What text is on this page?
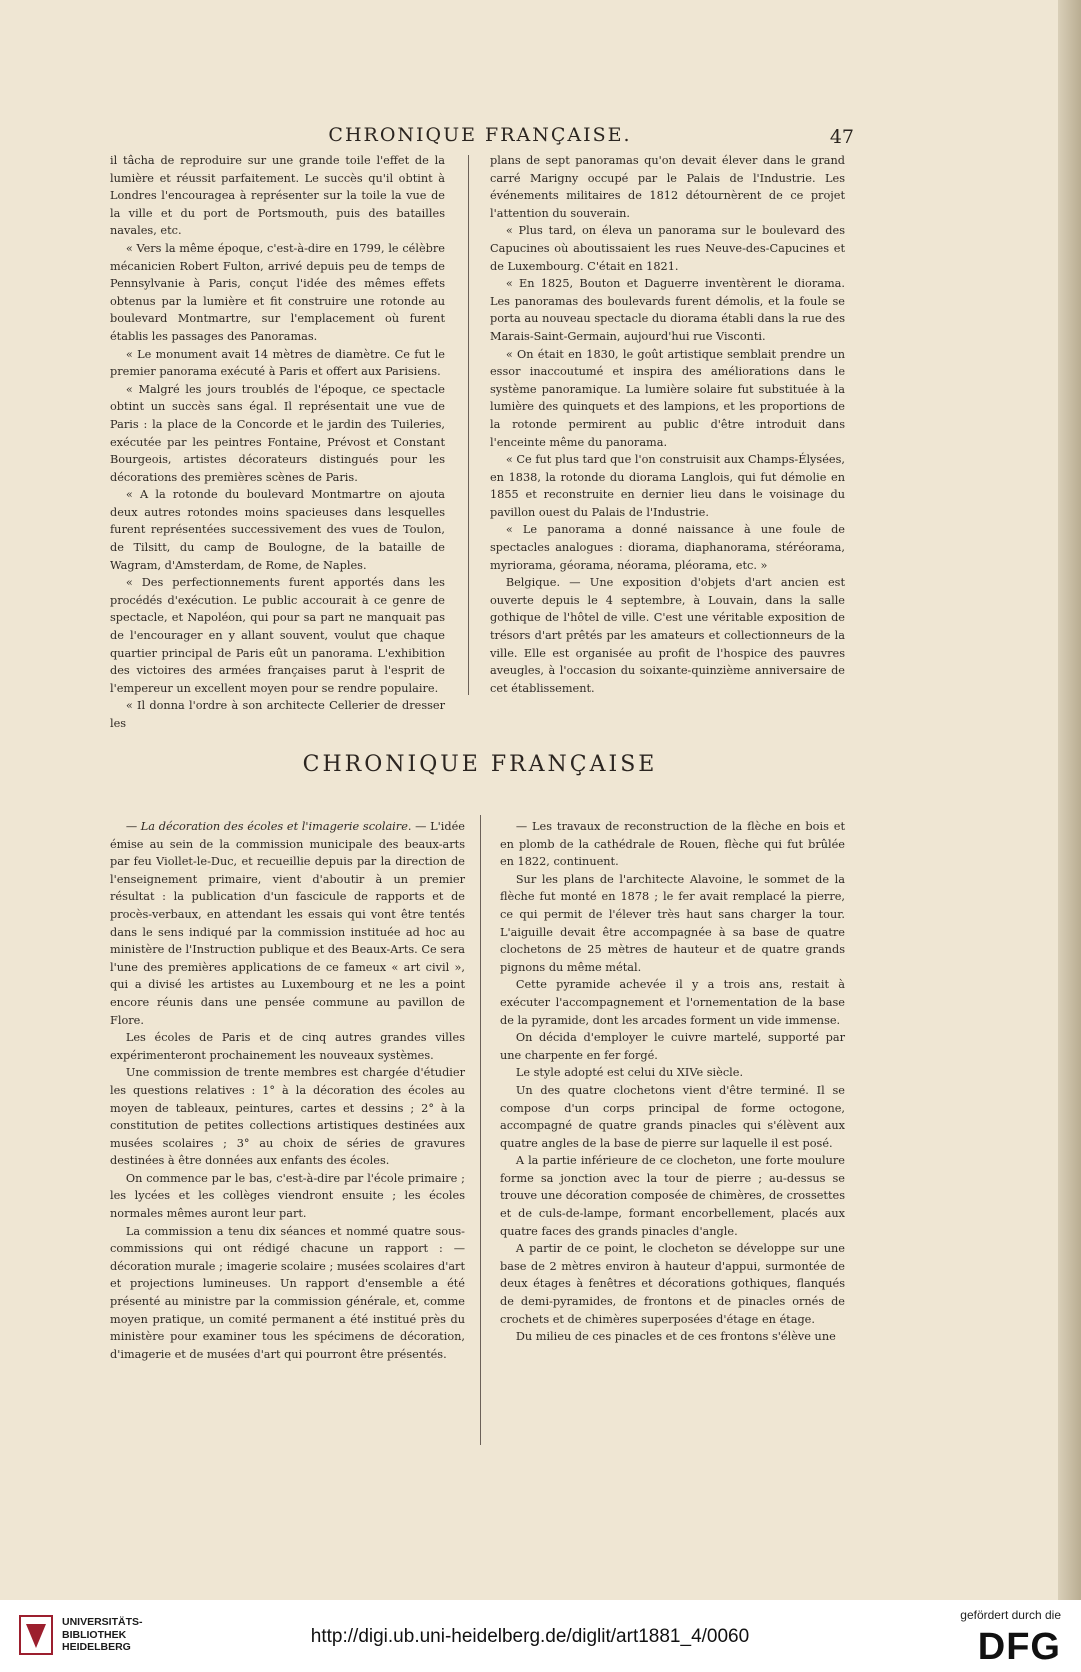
CHRONIQUE FRANÇAISE.	47

il tâcha de reproduire sur une grande toile l'effet de la lumière et réussit parfaitement. Le succès qu'il obtint à Londres l'encouragea à représenter sur la toile la vue de la ville et du port de Portsmouth, puis des batailles navales, etc.

« Vers la même époque, c'est-à-dire en 1799, le célèbre mécanicien Robert Fulton, arrivé depuis peu de temps de Pennsylvanie à Paris, conçut l'idée des mêmes effets obtenus par la lumière et fit construire une rotonde au boulevard Montmartre, sur l'emplacement où furent établis les passages des Panoramas.

« Le monument avait 14 mètres de diamètre. Ce fut le premier panorama exécuté à Paris et offert aux Parisiens.

« Malgré les jours troublés de l'époque, ce spectacle obtint un succès sans égal. Il représentait une vue de Paris : la place de la Concorde et le jardin des Tuileries, exécutée par les peintres Fontaine, Prévost et Constant Bourgeois, artistes décorateurs distingués pour les décorations des premières scènes de Paris.

« A la rotonde du boulevard Montmartre on ajouta deux autres rotondes moins spacieuses dans lesquelles furent représentées successivement des vues de Toulon, de Tilsitt, du camp de Boulogne, de la bataille de Wagram, d'Amsterdam, de Rome, de Naples.

« Des perfectionnements furent apportés dans les procédés d'exécution. Le public accourait à ce genre de spectacle, et Napoléon, qui pour sa part ne manquait pas de l'encourager en y allant souvent, voulut que chaque quartier principal de Paris eût un panorama. L'exhibition des victoires des armées françaises parut à l'esprit de l'empereur un excellent moyen pour se rendre populaire.

« Il donna l'ordre à son architecte Cellerier de dresser les

plans de sept panoramas qu'on devait élever dans le grand carré Marigny occupé par le Palais de l'Industrie. Les événements militaires de 1812 détournèrent de ce projet l'attention du souverain.

« Plus tard, on éleva un panorama sur le boulevard des Capucines où aboutissaient les rues Neuve-des-Capucines et de Luxembourg. C'était en 1821.

« En 1825, Bouton et Daguerre inventèrent le diorama. Les panoramas des boulevards furent démolis, et la foule se porta au nouveau spectacle du diorama établi dans la rue des Marais-Saint-Germain, aujourd'hui rue Visconti.

« On était en 1830, le goût artistique semblait prendre un essor inaccoutumé et inspira des améliorations dans le système panoramique. La lumière solaire fut substituée à la lumière des quinquets et des lampions, et les proportions de la rotonde permirent au public d'être introduit dans l'enceinte même du panorama.

« Ce fut plus tard que l'on construisit aux Champs-Élysées, en 1838, la rotonde du diorama Langlois, qui fut démolie en 1855 et reconstruite en dernier lieu dans le voisinage du pavillon ouest du Palais de l'Industrie.

« Le panorama a donné naissance à une foule de spectacles analogues : diorama, diaphanorama, stéréorama, myriorama, géorama, néorama, pléorama, etc. »

Belgique. — Une exposition d'objets d'art ancien est ouverte depuis le 4 septembre, à Louvain, dans la salle gothique de l'hôtel de ville. C'est une véritable exposition de trésors d'art prêtés par les amateurs et collectionneurs de la ville. Elle est organisée au profit de l'hospice des pauvres aveugles, à l'occasion du soixante-quinzième anniversaire de cet établissement.

CHRONIQUE FRANÇAISE

— La décoration des écoles et l'imagerie scolaire. — L'idée émise au sein de la commission municipale des beaux-arts par feu Viollet-le-Duc, et recueillie depuis par la direction de l'enseignement primaire, vient d'aboutir à un premier résultat : la publication d'un fascicule de rapports et de procès-verbaux, en attendant les essais qui vont être tentés dans le sens indiqué par la commission instituée ad hoc au ministère de l'Instruction publique et des Beaux-Arts. Ce sera l'une des premières applications de ce fameux « art civil », qui a divisé les artistes au Luxembourg et ne les a point encore réunis dans une pensée commune au pavillon de Flore.

Les écoles de Paris et de cinq autres grandes villes expérimenteront prochainement les nouveaux systèmes.

Une commission de trente membres est chargée d'étudier les questions relatives : 1° à la décoration des écoles au moyen de tableaux, peintures, cartes et dessins ; 2° à la constitution de petites collections artistiques destinées aux musées scolaires ; 3° au choix de séries de gravures destinées à être données aux enfants des écoles.

On commence par le bas, c'est-à-dire par l'école primaire ; les lycées et les collèges viendront ensuite ; les écoles normales mêmes auront leur part.

La commission a tenu dix séances et nommé quatre sous-commissions qui ont rédigé chacune un rapport : — décoration murale ; imagerie scolaire ; musées scolaires d'art et projections lumineuses. Un rapport d'ensemble a été présenté au ministre par la commission générale, et, comme moyen pratique, un comité permanent a été institué près du ministère pour examiner tous les spécimens de décoration, d'imagerie et de musées d'art qui pourront être présentés.

— Les travaux de reconstruction de la flèche en bois et en plomb de la cathédrale de Rouen, flèche qui fut brûlée en 1822, continuent.

Sur les plans de l'architecte Alavoine, le sommet de la flèche fut monté en 1878 ; le fer avait remplacé la pierre, ce qui permit de l'élever très haut sans charger la tour. L'aiguille devait être accompagnée à sa base de quatre clochetons de 25 mètres de hauteur et de quatre grands pignons du même métal.

Cette pyramide achevée il y a trois ans, restait à exécuter l'accompagnement et l'ornementation de la base de la pyramide, dont les arcades forment un vide immense.

On décida d'employer le cuivre martelé, supporté par une charpente en fer forgé.

Le style adopté est celui du XIVe siècle.

Un des quatre clochetons vient d'être terminé. Il se compose d'un corps principal de forme octogone, accompagné de quatre grands pinacles qui s'élèvent aux quatre angles de la base de pierre sur laquelle il est posé.

A la partie inférieure de ce clocheton, une forte moulure forme sa jonction avec la tour de pierre ; au-dessus se trouve une décoration composée de chimères, de crossettes et de culs-de-lampe, formant encorbellement, placés aux quatre faces des grands pinacles d'angle.

A partir de ce point, le clocheton se développe sur une base de 2 mètres environ à hauteur d'appui, surmontée de deux étages à fenêtres et décorations gothiques, flanqués de demi-pyramides, de frontons et de pinacles ornés de crochets et de chimères superposées d'étage en étage.

Du milieu de ces pinacles et de ces frontons s'élève une

UNIVERSITÄTS-
BIBLIOTHEK
HEIDELBERG	http://digi.ub.uni-heidelberg.de/diglit/art1881_4/0060
gefördert durch die
DFG
